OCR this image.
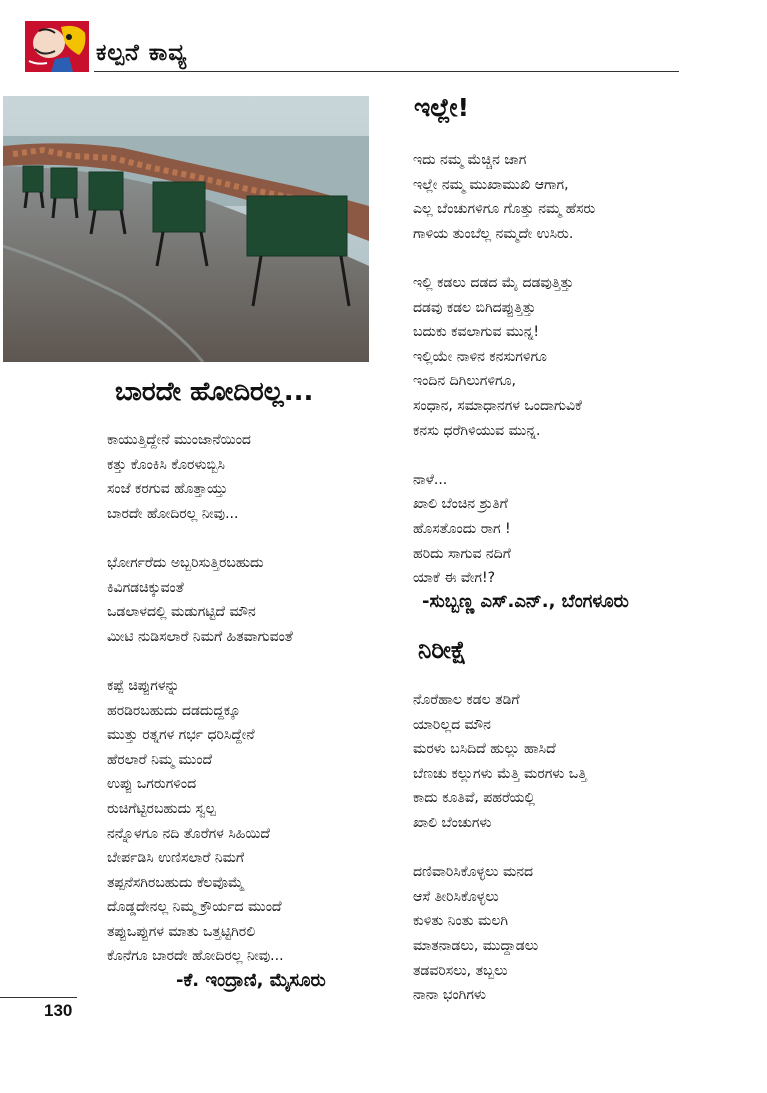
ಕಲ್ಪನೆ ಕಾವ್ಯ
ಬಾರದೇ ಹೋದಿರಲ್ಲ...
ಕಾಯುತ್ತಿದ್ದೇನೆ ಮುಂಜಾನೆಯಿಂದ
ಕತ್ತು ಕೊಂಕಿಸಿ ಕೊರಳುಬ್ಬಿಸಿ
ಸಂಜೆ ಕರಗುವ ಹೊತ್ತಾಯ್ತು
ಬಾರದೇ ಹೋದಿರಲ್ಲ ನೀವು...
ಭೋರ್ಗರೆದು ಅಬ್ಬರಿಸುತ್ತಿರಬಹುದು
ಕಿವಿಗಡಚಿಕ್ಕುವಂತೆ
ಒಡಲಾಳದಲ್ಲಿ ಮಡುಗಟ್ಟಿದೆ ಮೌನ
ಮೀಟಿ ನುಡಿಸಲಾರೆ ನಿಮಗೆ ಹಿತವಾಗುವಂತೆ
ಕಪ್ಪೆ ಚಿಪ್ಪುಗಳನ್ನು
ಹರಡಿರಬಹುದು ದಡದುದ್ದಕ್ಕೂ
ಮುತ್ತು ರತ್ನಗಳ ಗರ್ಭ ಧರಿಸಿದ್ದೇನೆ
ಹೆರಲಾರೆ ನಿಮ್ಮ ಮುಂದೆ
ಉಪ್ಪು ಒಗರುಗಳಿಂದ
ರುಚಿಗೆಟ್ಟಿರಬಹುದು ಸ್ವಲ್ಪ
ನನ್ನೊಳಗೂ ನದಿ ತೊರೆಗಳ ಸಿಹಿಯಿದೆ
ಬೇರ್ಪಡಿಸಿ ಉಣಿಸಲಾರೆ ನಿಮಗೆ
ತಪ್ಪನೆಸಗಿರಬಹುದು ಕೆಲವೊಮ್ಮೆ
ದೊಡ್ಡದೇನಲ್ಲ ನಿಮ್ಮ ಕ್ರೌರ್ಯದ ಮುಂದೆ
ತಪ್ಪುಒಪ್ಪುಗಳ ಮಾತು ಒತ್ತಟ್ಟಿಗಿರಲಿ
ಕೊನೆಗೂ ಬಾರದೇ ಹೋದಿರಲ್ಲ ನೀವು...
-ಕೆ. ಇಂದ್ರಾಣಿ, ಮೈಸೂರು
ಇಲ್ಲೇ!
ಇದು ನಮ್ಮ ಮೆಚ್ಚಿನ ಜಾಗ
ಇಲ್ಲೇ ನಮ್ಮ ಮುಖಾಮುಖಿ ಆಗಾಗ,
ಎಲ್ಲ ಬೆಂಚುಗಳಿಗೂ ಗೊತ್ತು ನಮ್ಮ ಹೆಸರು
ಗಾಳಿಯ ತುಂಬೆಲ್ಲ ನಮ್ಮದೇ ಉಸಿರು.
ಇಲ್ಲಿ ಕಡಲು ದಡದ ಮೈ ದಡವುತ್ತಿತ್ತು
ದಡವು ಕಡಲ ಬಿಗಿದಪ್ಪುತ್ತಿತ್ತು
ಬದುಕು ಕವಲಾಗುವ ಮುನ್ನ!
ಇಲ್ಲಿಯೇ ನಾಳಿನ ಕನಸುಗಳಿಗೂ
ಇಂದಿನ ದಿಗಿಲುಗಳಿಗೂ,
ಸಂಧಾನ, ಸಮಾಧಾನಗಳ ಒಂದಾಗುವಿಕೆ
ಕನಸು ಧರೆಗಿಳಿಯುವ ಮುನ್ನ.
ನಾಳೆ...
ಖಾಲಿ ಬೆಂಚಿನ ಶ್ರುತಿಗೆ
ಹೊಸತೊಂದು ರಾಗ !
ಹರಿದು ಸಾಗುವ ನದಿಗೆ
ಯಾಕೆ ಈ ವೇಗ!?
-ಸುಬ್ಬಣ್ಣ ಎಸ್.ಎನ್., ಬೆಂಗಳೂರು
ನಿರೀಕ್ಷೆ
ನೊರೆಹಾಲ ಕಡಲ ತಡಿಗೆ
ಯಾರಿಲ್ಲದ ಮೌನ
ಮರಳು ಬಸಿದಿದೆ ಹುಲ್ಲು ಹಾಸಿದೆ
ಬೆಣಚು ಕಲ್ಲುಗಳು ಮೆತ್ತಿ ಮರಗಳು ಒತ್ತಿ
ಕಾದು ಕೂತಿವೆ, ಪಹರೆಯಲ್ಲಿ
ಖಾಲಿ ಬೆಂಚುಗಳು
ದಣಿವಾರಿಸಿಕೊಳ್ಳಲು ಮನದ
ಆಸೆ ತೀರಿಸಿಕೊಳ್ಳಲು
ಕುಳಿತು ನಿಂತು ಮಲಗಿ
ಮಾತನಾಡಲು, ಮುದ್ದಾಡಲು
ತಡವರಿಸಲು, ತಬ್ಬಲು
ನಾನಾ ಭಂಗಿಗಳು
130
